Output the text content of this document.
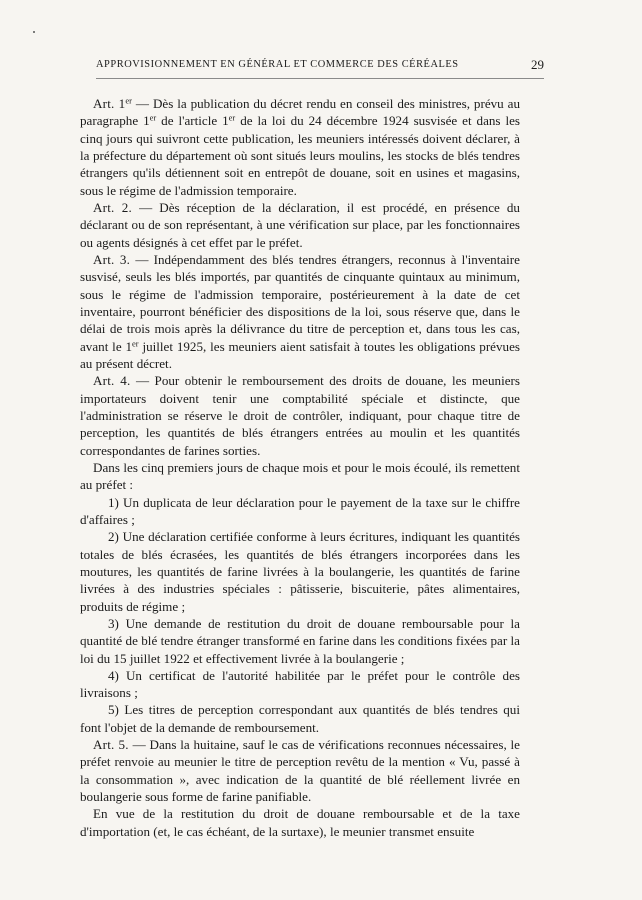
APPROVISIONNEMENT EN GÉNÉRAL ET COMMERCE DES CÉRÉALES	29

Art. 1er — Dès la publication du décret rendu en conseil des ministres, prévu au paragraphe 1er de l'article 1er de la loi du 24 décembre 1924 susvisée et dans les cinq jours qui suivront cette publication, les meuniers intéressés doivent déclarer, à la préfecture du département où sont situés leurs moulins, les stocks de blés tendres étrangers qu'ils détiennent soit en entrepôt de douane, soit en usines et magasins, sous le régime de l'admission temporaire.

Art. 2. — Dès réception de la déclaration, il est procédé, en présence du déclarant ou de son représentant, à une vérification sur place, par les fonctionnaires ou agents désignés à cet effet par le préfet.

Art. 3. — Indépendamment des blés tendres étrangers, reconnus à l'inventaire susvisé, seuls les blés importés, par quantités de cinquante quintaux au minimum, sous le régime de l'admission temporaire, postérieurement à la date de cet inventaire, pourront bénéficier des dispositions de la loi, sous réserve que, dans le délai de trois mois après la délivrance du titre de perception et, dans tous les cas, avant le 1er juillet 1925, les meuniers aient satisfait à toutes les obligations prévues au présent décret.

Art. 4. — Pour obtenir le remboursement des droits de douane, les meuniers importateurs doivent tenir une comptabilité spéciale et distincte, que l'administration se réserve le droit de contrôler, indiquant, pour chaque titre de perception, les quantités de blés étrangers entrées au moulin et les quantités correspondantes de farines sorties.

Dans les cinq premiers jours de chaque mois et pour le mois écoulé, ils remettent au préfet :

1) Un duplicata de leur déclaration pour le payement de la taxe sur le chiffre d'affaires ;

2) Une déclaration certifiée conforme à leurs écritures, indiquant les quantités totales de blés écrasées, les quantités de blés étrangers incorporées dans les moutures, les quantités de farine livrées à la boulangerie, les quantités de farine livrées à des industries spéciales : pâtisserie, biscuiterie, pâtes alimentaires, produits de régime ;

3) Une demande de restitution du droit de douane remboursable pour la quantité de blé tendre étranger transformé en farine dans les conditions fixées par la loi du 15 juillet 1922 et effectivement livrée à la boulangerie ;

4) Un certificat de l'autorité habilitée par le préfet pour le contrôle des livraisons ;

5) Les titres de perception correspondant aux quantités de blés tendres qui font l'objet de la demande de remboursement.

Art. 5. — Dans la huitaine, sauf le cas de vérifications reconnues nécessaires, le préfet renvoie au meunier le titre de perception revêtu de la mention « Vu, passé à la consommation », avec indication de la quantité de blé réellement livrée en boulangerie sous forme de farine panifiable.

En vue de la restitution du droit de douane remboursable et de la taxe d'importation (et, le cas échéant, de la surtaxe), le meunier transmet ensuite
